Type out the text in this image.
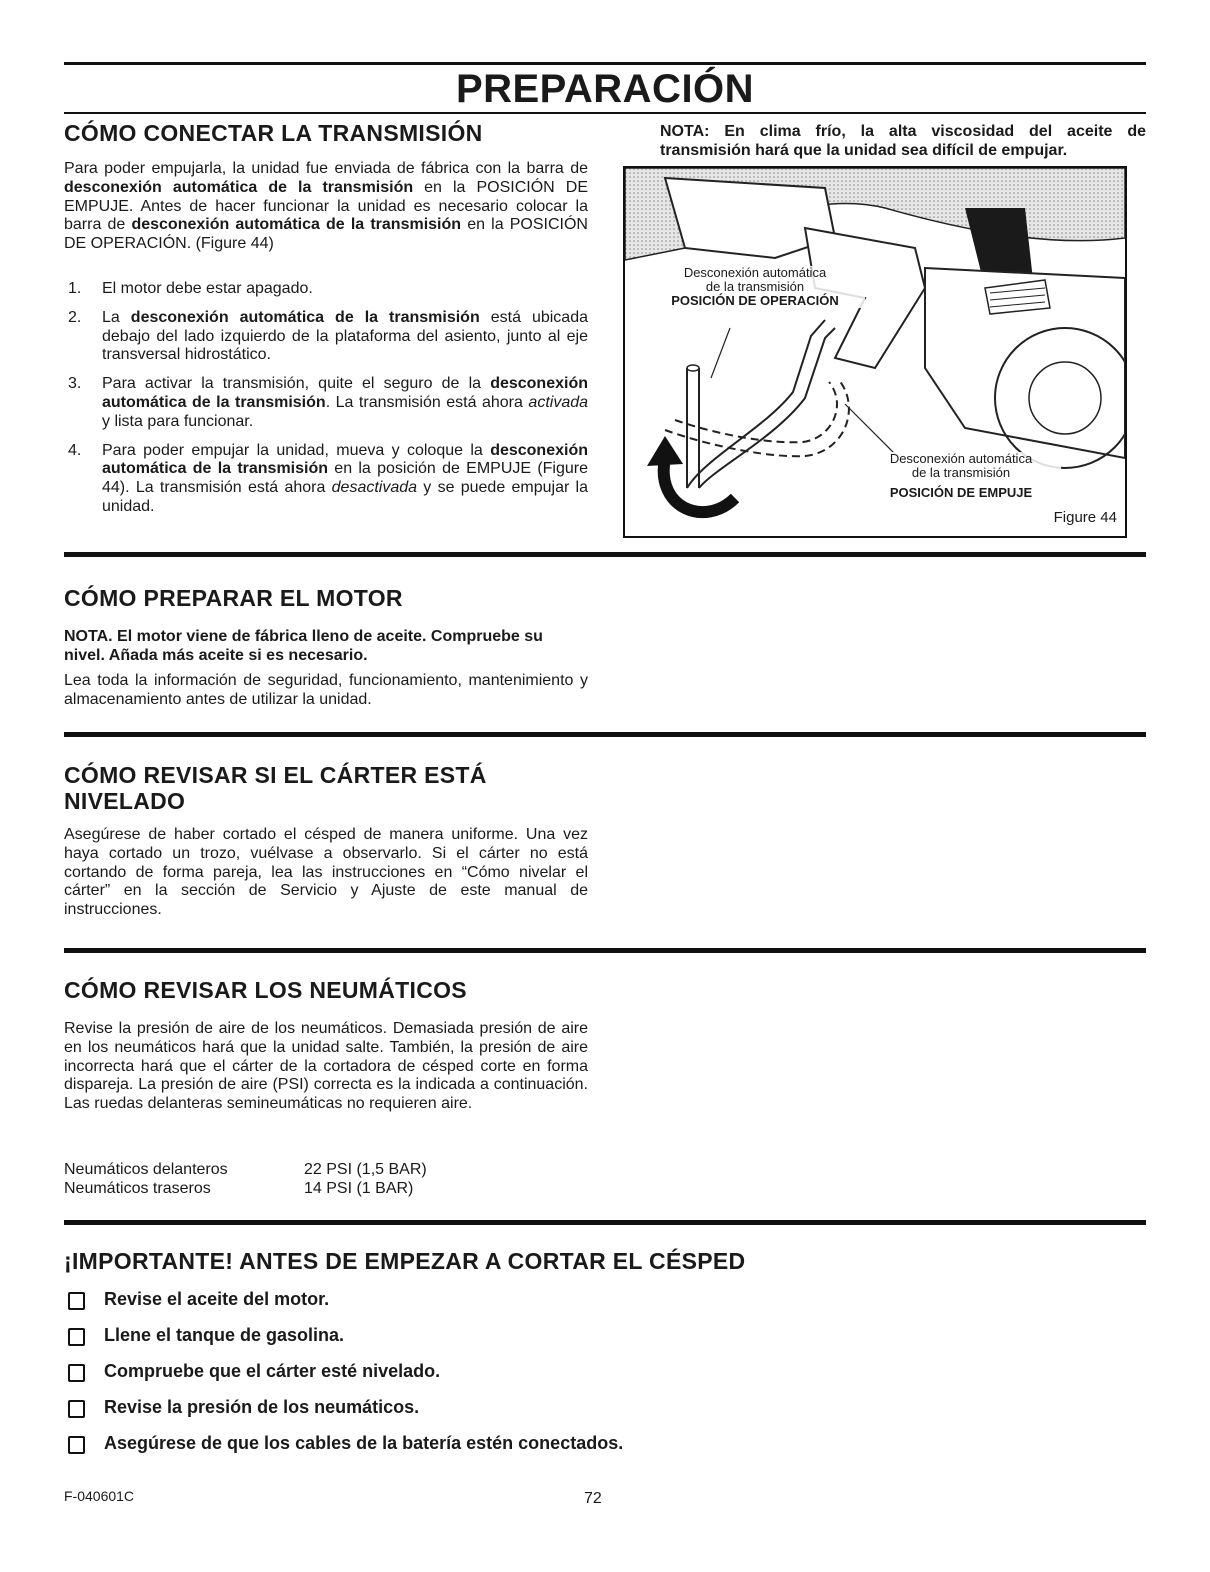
PREPARACIÓN
CÓMO CONECTAR LA TRANSMISIÓN

Para poder empujarla, la unidad fue enviada de fábrica con la barra de desconexión automática de la transmisión en la POSICIÓN DE EMPUJE. Antes de hacer funcionar la unidad es necesario colocar la barra de desconexión automática de la transmisión en la POSICIÓN DE OPERACIÓN. (Figure 44)

1. El motor debe estar apagado.
2. La desconexión automática de la transmisión está ubicada debajo del lado izquierdo de la plataforma del asiento, junto al eje transversal hidrostático.
3. Para activar la transmisión, quite el seguro de la desconexión automática de la transmisión. La transmisión está ahora activada y lista para funcionar.
4. Para poder empujar la unidad, mueva y coloque la desconexión automática de la transmisión en la posición de EMPUJE (Figure 44). La transmisión está ahora desactivada y se puede empujar la unidad.

NOTA: En clima frío, la alta viscosidad del aceite de transmisión hará que la unidad sea difícil de empujar.

Desconexión automática
de la transmisión
POSICIÓN DE OPERACIÓN
Desconexión automática
de la transmisión
POSICIÓN DE EMPUJE
Figure 44
CÓMO PREPARAR EL MOTOR

NOTA. El motor viene de fábrica lleno de aceite. Compruebe su nivel. Añada más aceite si es necesario.

Lea toda la información de seguridad, funcionamiento, mantenimiento y almacenamiento antes de utilizar la unidad.

CÓMO REVISAR SI EL CÁRTER ESTÁ NIVELADO

Asegúrese de haber cortado el césped de manera uniforme. Una vez haya cortado un trozo, vuélvase a observarlo. Si el cárter no está cortando de forma pareja, lea las instrucciones en “Cómo nivelar el cárter” en la sección de Servicio y Ajuste de este manual de instrucciones.

CÓMO REVISAR LOS NEUMÁTICOS

Revise la presión de aire de los neumáticos. Demasiada presión de aire en los neumáticos hará que la unidad salte. También, la presión de aire incorrecta hará que el cárter de la cortadora de césped corte en forma dispareja. La presión de aire (PSI) correcta es la indicada a continuación. Las ruedas delanteras semineumáticas no requieren aire.

Neumáticos delanteros	22 PSI (1,5 BAR)
Neumáticos traseros	14 PSI (1 BAR)
¡IMPORTANTE! ANTES DE EMPEZAR A CORTAR EL CÉSPED
Revise el aceite del motor.
Llene el tanque de gasolina.
Compruebe que el cárter esté nivelado.
Revise la presión de los neumáticos.
Asegúrese de que los cables de la batería estén conectados.
F-040601C	72
